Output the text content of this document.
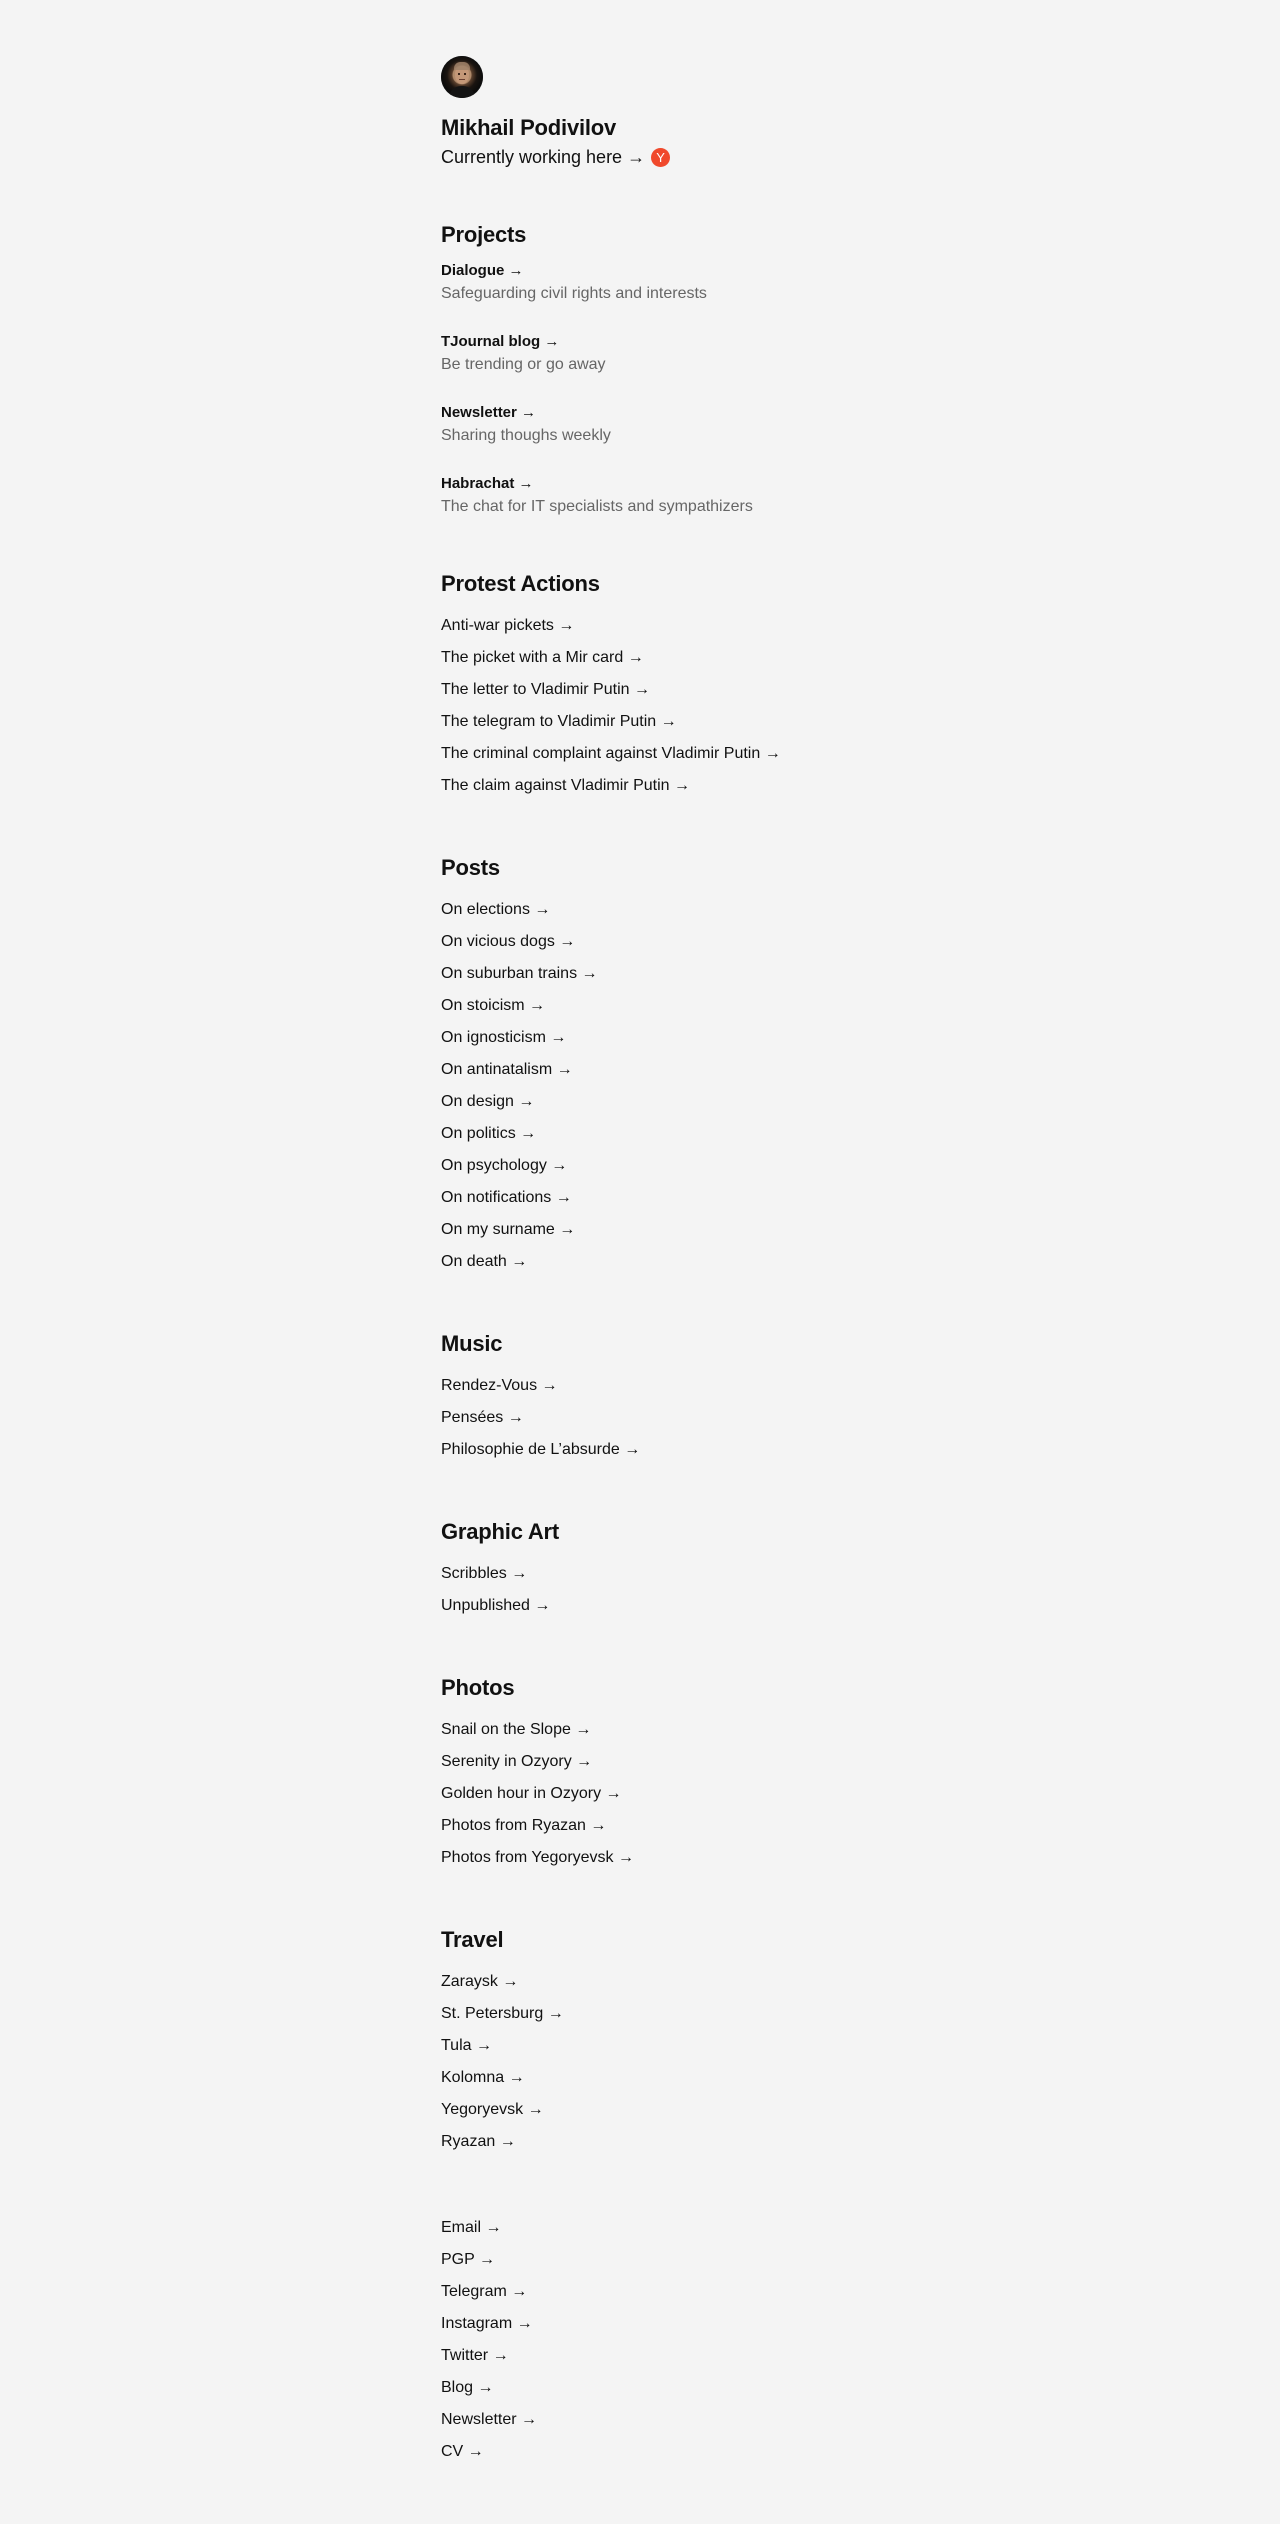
Mikhail Podivilov
Currently working here → Y
Projects
Dialogue →
Safeguarding civil rights and interests
TJournal blog →
Be trending or go away
Newsletter →
Sharing thoughs weekly
Habrachat →
The chat for IT specialists and sympathizers
Protest Actions
Anti-war pickets →
The picket with a Mir card →
The letter to Vladimir Putin →
The telegram to Vladimir Putin →
The criminal complaint against Vladimir Putin →
The claim against Vladimir Putin →
Posts
On elections →
On vicious dogs →
On suburban trains →
On stoicism →
On ignosticism →
On antinatalism →
On design →
On politics →
On psychology →
On notifications →
On my surname →
On death →
Music
Rendez-Vous →
Pensées →
Philosophie de L’absurde →
Graphic Art
Scribbles →
Unpublished →
Photos
Snail on the Slope →
Serenity in Ozyory →
Golden hour in Ozyory →
Photos from Ryazan →
Photos from Yegoryevsk →
Travel
Zaraysk →
St. Petersburg →
Tula →
Kolomna →
Yegoryevsk →
Ryazan →
Email →
PGP →
Telegram →
Instagram →
Twitter →
Blog →
Newsletter →
CV →
